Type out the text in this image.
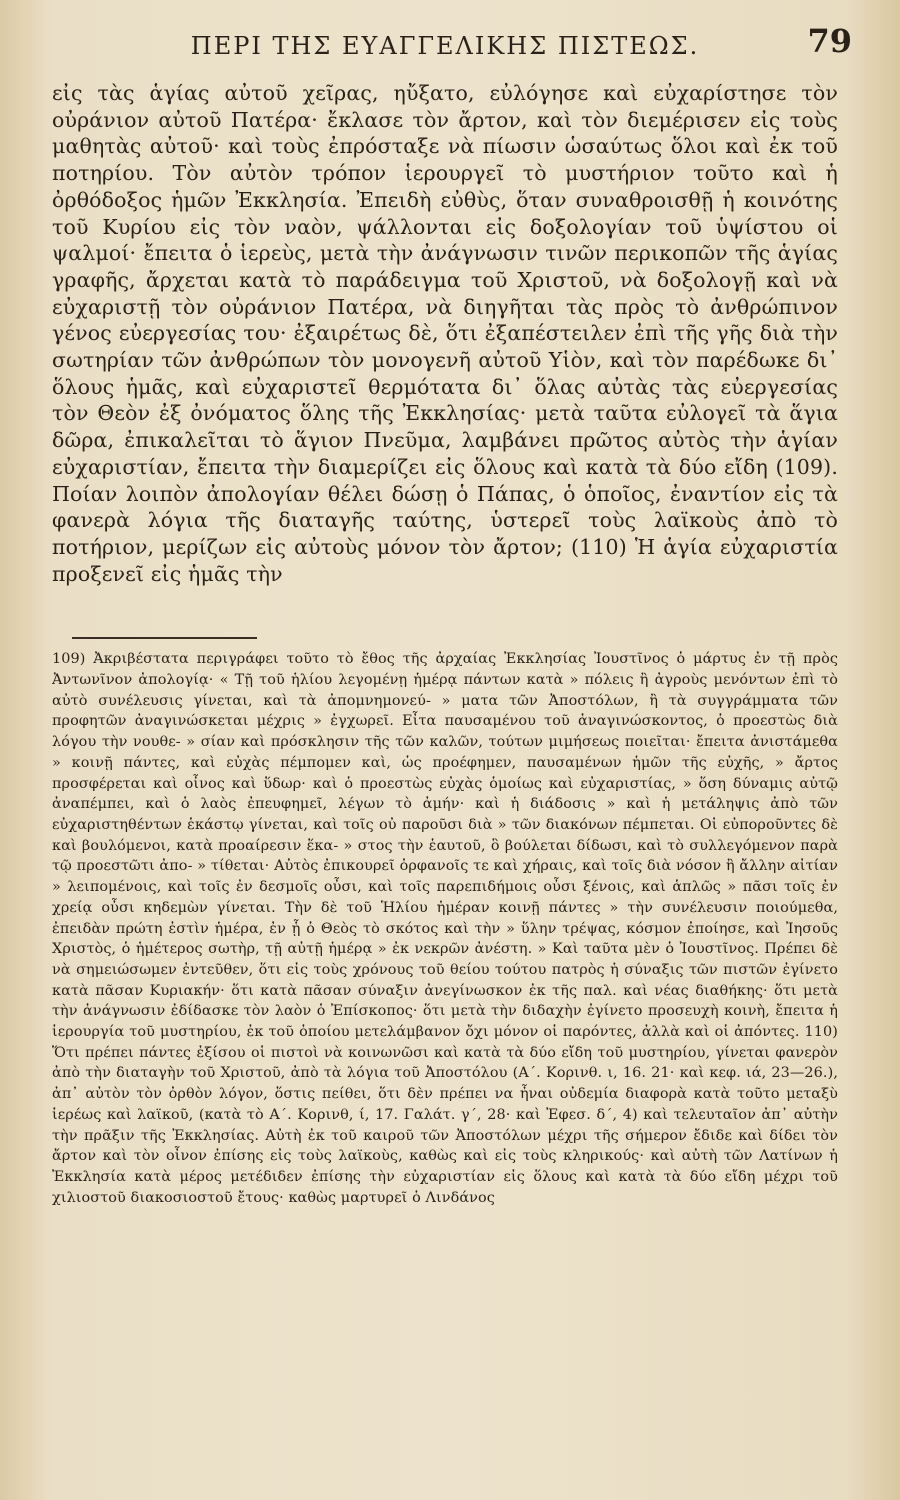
ΠΕΡΙ ΤΗΣ ΕΥΑΓΓΕΛΙΚΗΣ ΠΙΣΤΕΩΣ.	79

εἰς τὰς ἁγίας αὐτοῦ χεῖρας, ηὔξατο, εὐλόγησε καὶ εὐχαρίστησε τὸν οὐράνιον αὐτοῦ Πατέρα· ἔκλασε τὸν ἄρτον, καὶ τὸν διεμέρισεν εἰς τοὺς μαθητὰς αὐτοῦ· καὶ τοὺς ἐπρόσταξε νὰ πίωσιν ὡσαύτως ὅλοι καὶ ἐκ τοῦ ποτηρίου. Τὸν αὐτὸν τρόπον ἱερουργεῖ τὸ μυστήριον τοῦτο καὶ ἡ ὀρθόδοξος ἡμῶν Ἐκκλησία. Ἐπειδὴ εὐθὺς, ὅταν συναθροισθῇ ἡ κοινότης τοῦ Κυρίου εἰς τὸν ναὸν, ψάλλονται εἰς δοξολογίαν τοῦ ὑψίστου οἱ ψαλμοί· ἔπειτα ὁ ἱερεὺς, μετὰ τὴν ἀνάγνωσιν τινῶν περικοπῶν τῆς ἁγίας γραφῆς, ἄρχεται κατὰ τὸ παράδειγμα τοῦ Χριστοῦ, νὰ δοξολογῇ καὶ νὰ εὐχαριστῇ τὸν οὐράνιον Πατέρα, νὰ διηγῆται τὰς πρὸς τὸ ἀνθρώπινον γένος εὐεργεσίας του· ἐξαιρέτως δὲ, ὅτι ἐξαπέστειλεν ἐπὶ τῆς γῆς διὰ τὴν σωτηρίαν τῶν ἀνθρώπων τὸν μονογενῆ αὐτοῦ Υἱὸν, καὶ τὸν παρέδωκε δι᾽ ὅλους ἡμᾶς, καὶ εὐχαριστεῖ θερμότατα δι᾽ ὅλας αὐτὰς τὰς εὐεργεσίας τὸν Θεὸν ἐξ ὀνόματος ὅλης τῆς Ἐκκλησίας· μετὰ ταῦτα εὐλογεῖ τὰ ἅγια δῶρα, ἐπικαλεῖται τὸ ἅγιον Πνεῦμα, λαμβάνει πρῶτος αὐτὸς τὴν ἁγίαν εὐχαριστίαν, ἔπειτα τὴν διαμερίζει εἰς ὅλους καὶ κατὰ τὰ δύο εἴδη (109). Ποίαν λοιπὸν ἀπολογίαν θέλει δώσῃ ὁ Πάπας, ὁ ὁποῖος, ἐναντίον εἰς τὰ φανερὰ λόγια τῆς διαταγῆς ταύτης, ὑστερεῖ τοὺς λαϊκοὺς ἀπὸ τὸ ποτήριον, μερίζων εἰς αὐτοὺς μόνον τὸν ἄρτον; (110) Ἡ ἁγία εὐχαριστία προξενεῖ εἰς ἡμᾶς τὴν

109) Ἀκριβέστατα περιγράφει τοῦτο τὸ ἔθος τῆς ἀρχαίας Ἐκκλησίας Ἰουστῖνος ὁ μάρτυς ἐν τῇ πρὸς Ἀντωνῖνον ἀπολογίᾳ· « Τῇ τοῦ ἡλίου λεγομένῃ ἡμέρᾳ πάντων κατὰ » πόλεις ἢ ἀγροὺς μενόντων ἐπὶ τὸ αὐτὸ συνέλευσις γίνεται, καὶ τὰ ἀπομνημονεύ- » ματα τῶν Ἀποστόλων, ἢ τὰ συγγράμματα τῶν προφητῶν ἀναγινώσκεται μέχρις » ἐγχωρεῖ. Εἶτα παυσαμένου τοῦ ἀναγινώσκοντος, ὁ προεστὼς διὰ λόγου τὴν νουθε- » σίαν καὶ πρόσκλησιν τῆς τῶν καλῶν, τούτων μιμήσεως ποιεῖται· ἔπειτα ἀνιστάμεθα » κοινῇ πάντες, καὶ εὐχὰς πέμπομεν καὶ, ὡς προέφημεν, παυσαμένων ἡμῶν τῆς εὐχῆς, » ἄρτος προσφέρεται καὶ οἶνος καὶ ὕδωρ· καὶ ὁ προεστὼς εὐχὰς ὁμοίως καὶ εὐχαριστίας, » ὅση δύναμις αὐτῷ ἀναπέμπει, καὶ ὁ λαὸς ἐπευφημεῖ, λέγων τὸ ἀμήν· καὶ ἡ διάδοσις » καὶ ἡ μετάληψις ἀπὸ τῶν εὐχαριστηθέντων ἑκάστῳ γίνεται, καὶ τοῖς οὐ παροῦσι διὰ » τῶν διακόνων πέμπεται. Οἱ εὐποροῦντες δὲ καὶ βουλόμενοι, κατὰ προαίρεσιν ἕκα- » στος τὴν ἑαυτοῦ, ὃ βούλεται δίδωσι, καὶ τὸ συλλεγόμενον παρὰ τῷ προεστῶτι ἀπο- » τίθεται· Αὐτὸς ἐπικουρεῖ ὀρφανοῖς τε καὶ χήραις, καὶ τοῖς διὰ νόσον ἢ ἄλλην αἰτίαν » λειπομένοις, καὶ τοῖς ἐν δεσμοῖς οὖσι, καὶ τοῖς παρεπιδήμοις οὖσι ξένοις, καὶ ἁπλῶς » πᾶσι τοῖς ἐν χρείᾳ οὖσι κηδεμὼν γίνεται. Τὴν δὲ τοῦ Ἡλίου ἡμέραν κοινῇ πάντες » τὴν συνέλευσιν ποιούμεθα, ἐπειδὰν πρώτη ἐστὶν ἡμέρα, ἐν ᾗ ὁ Θεὸς τὸ σκότος καὶ τὴν » ὕλην τρέψας, κόσμον ἐποίησε, καὶ Ἰησοῦς Χριστὸς, ὁ ἡμέτερος σωτὴρ, τῇ αὐτῇ ἡμέρᾳ » ἐκ νεκρῶν ἀνέστη. » Καὶ ταῦτα μὲν ὁ Ἰουστῖνος. Πρέπει δὲ νὰ σημειώσωμεν ἐντεῦθεν, ὅτι εἰς τοὺς χρόνους τοῦ θείου τούτου πατρὸς ἡ σύναξις τῶν πιστῶν ἐγίνετο κατὰ πᾶσαν Κυριακήν· ὅτι κατὰ πᾶσαν σύναξιν ἀνεγίνωσκον ἐκ τῆς παλ. καὶ νέας διαθήκης· ὅτι μετὰ τὴν ἀνάγνωσιν ἐδίδασκε τὸν λαὸν ὁ Ἐπίσκοπος· ὅτι μετὰ τὴν διδαχὴν ἐγίνετο προσευχὴ κοινὴ, ἔπειτα ἡ ἱερουργία τοῦ μυστηρίου, ἐκ τοῦ ὁποίου μετελάμβανον ὄχι μόνον οἱ παρόντες, ἀλλὰ καὶ οἱ ἀπόντες. 110) Ὅτι πρέπει πάντες ἐξίσου οἱ πιστοὶ νὰ κοινωνῶσι καὶ κατὰ τὰ δύο εἴδη τοῦ μυστηρίου, γίνεται φανερὸν ἀπὸ τὴν διαταγὴν τοῦ Χριστοῦ, ἀπὸ τὰ λόγια τοῦ Ἀποστόλου (Α΄. Κορινθ. ι, 16. 21· καὶ κεφ. ιά, 23—26.), ἀπ᾽ αὐτὸν τὸν ὀρθὸν λόγον, ὅστις πείθει, ὅτι δὲν πρέπει να ἦναι οὐδεμία διαφορὰ κατὰ τοῦτο μεταξὺ ἱερέως καὶ λαϊκοῦ, (κατὰ τὸ Α΄. Κορινθ, ί, 17. Γαλάτ. γ΄, 28· καὶ Ἐφεσ. δ΄, 4) καὶ τελευταῖον ἀπ᾽ αὐτὴν τὴν πρᾶξιν τῆς Ἐκκλησίας. Αὐτὴ ἐκ τοῦ καιροῦ τῶν Ἀποστόλων μέχρι τῆς σήμερον ἔδιδε καὶ δίδει τὸν ἄρτον καὶ τὸν οἶνον ἐπίσης εἰς τοὺς λαϊκοὺς, καθὼς καὶ εἰς τοὺς κληρικούς· καὶ αὐτὴ τῶν Λατίνων ἡ Ἐκκλησία κατὰ μέρος μετέδιδεν ἐπίσης τὴν εὐχαριστίαν εἰς ὅλους καὶ κατὰ τὰ δύο εἴδη μέχρι τοῦ χιλιοστοῦ διακοσιοστοῦ ἔτους· καθὼς μαρτυρεῖ ὁ Λινδάνος
